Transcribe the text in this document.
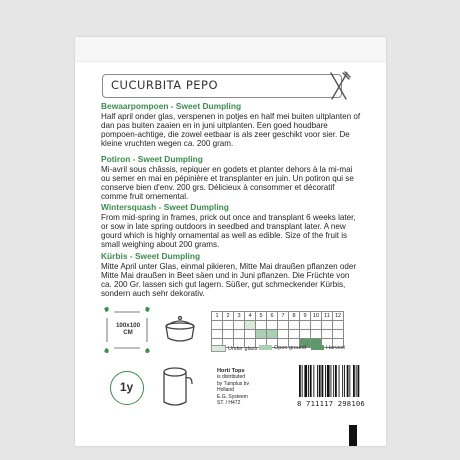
CUCURBITA PEPO
Bewaarpompoen - Sweet Dumpling

Half april onder glas, verspenen in potjes en half mei buiten uitplanten of dan pas buiten zaaien en in juni uitplanten. Een goed houdbare pompoen-achtige, die zowel eetbaar is als zeer geschikt voor sier. De kleine vruchten wegen ca. 200 gram.

Potiron - Sweet Dumpling

Mi-avril sous châssis, repiquer en godets et planter dehors à la mi-mai ou semer en mai en pépinière et transplanter en juin. Un potiron qui se conserve bien d'env. 200 grs. Délicieux à consommer et décoratif comme fruit ornemental.

Wintersquash - Sweet Dumpling

From mid-spring in frames, prick out once and transplant 6 weeks later, or sow in late spring outdoors in seedbed and transplant later. A new gourd which is highly ornamental as well as edible. Size of the fruit is small weighing about 200 grams.

Kürbis - Sweet Dumpling

Mitte April unter Glas, einmal pikieren, Mitte Mai draußen pflanzen oder Mitte Mai draußen in Beet säen und in Juni pflanzen. Die Früchte von ca. 200 Gr. lassen sich gut lagern. Süßer, gut schmeckender Kürbis, sondern auch sehr dekorativ.

100x100
CM
1y
1	2	3	4	5	6	7	8	9	10	11	12

Under glass	Open ground	Harvest
Horti Tops
is distributed
by Tuinplus bv
Holland
E.G. Systeem
ST. / H472	8 711117 298106
